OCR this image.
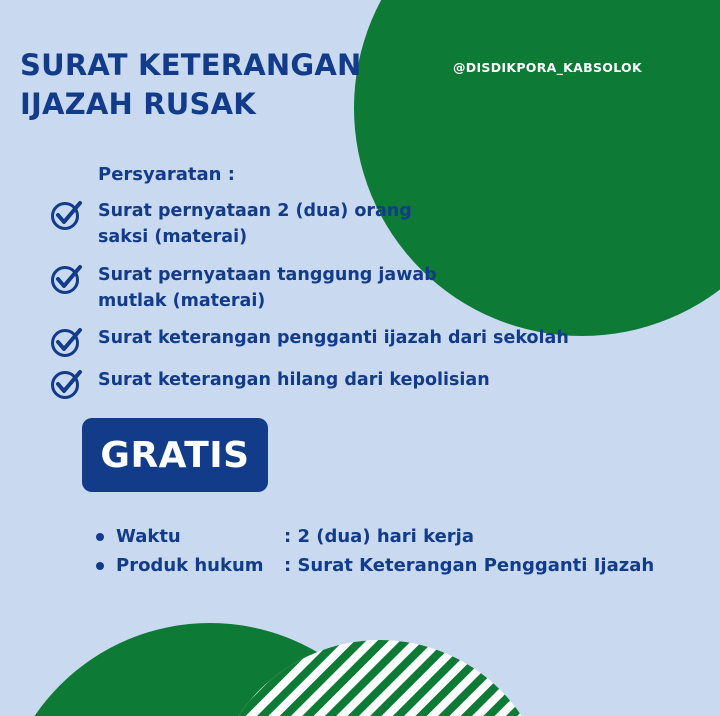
SURAT KETERANGAN
IJAZAH RUSAK
@DISDIKPORA_KABSOLOK
Persyaratan :
Surat pernyataan 2 (dua) orang
saksi (materai)
Surat pernyataan tanggung jawab
mutlak (materai)
Surat keterangan pengganti ijazah dari sekolah
Surat keterangan hilang dari kepolisian
GRATIS
Waktu	: 2 (dua) hari kerja
Produk hukum : Surat Keterangan Pengganti Ijazah
